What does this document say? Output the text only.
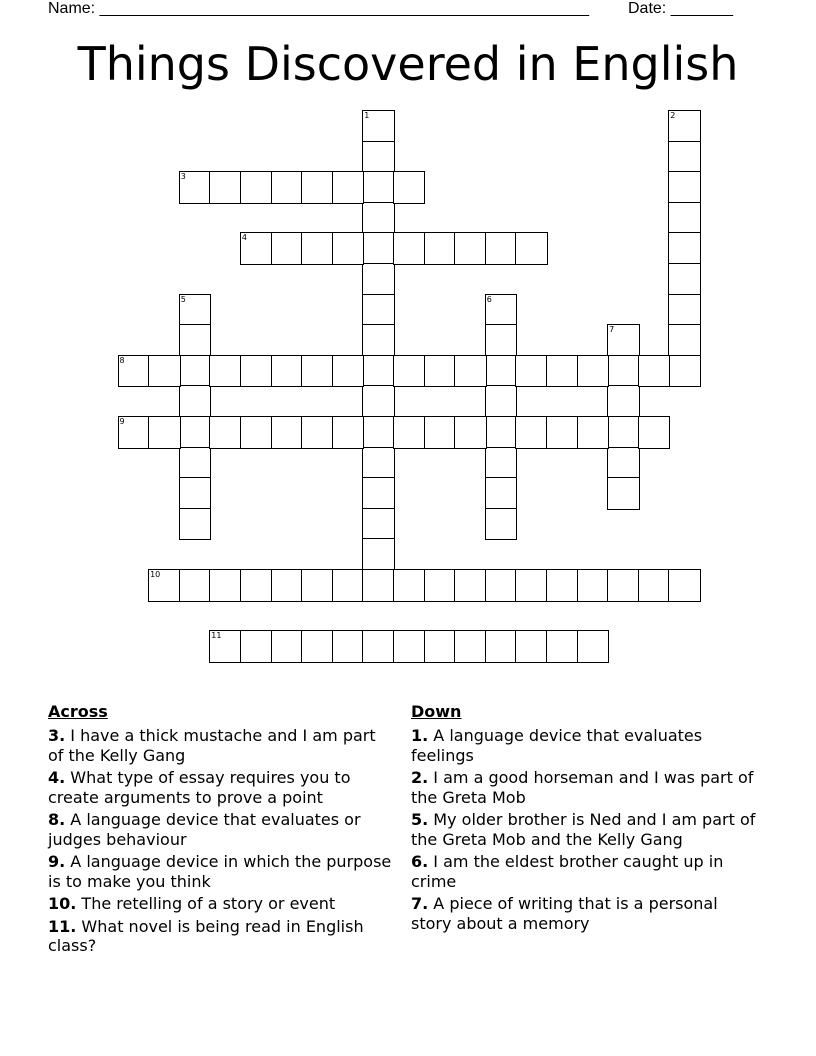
Name: _______________________________________________________ Date: _______
Things Discovered in English
1	2
3
4
5	6
7
8
9
10
11
Across
3. I have a thick mustache and I am part of the Kelly Gang
4. What type of essay requires you to create arguments to prove a point
8. A language device that evaluates or judges behaviour
9. A language device in which the purpose is to make you think
10. The retelling of a story or event
11. What novel is being read in English class?
Down
1. A language device that evaluates feelings
2. I am a good horseman and I was part of the Greta Mob
5. My older brother is Ned and I am part of the Greta Mob and the Kelly Gang
6. I am the eldest brother caught up in crime
7. A piece of writing that is a personal story about a memory
